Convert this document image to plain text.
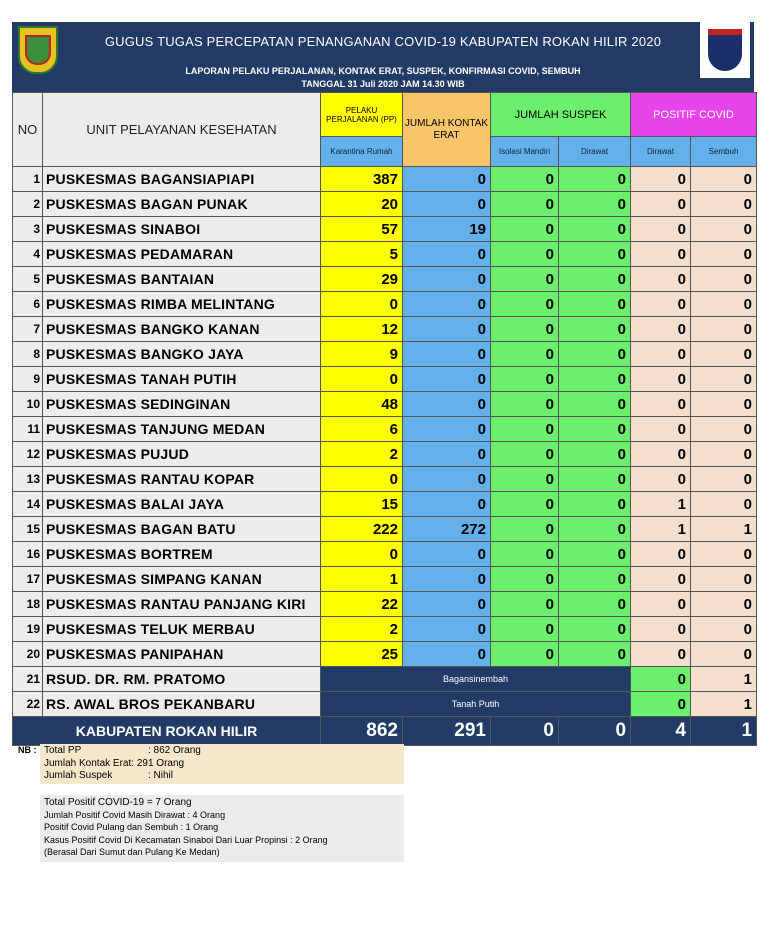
GUGUS TUGAS PERCEPATAN PENANGANAN COVID-19 KABUPATEN ROKAN HILIR 2020
LAPORAN PELAKU PERJALANAN, KONTAK ERAT, SUSPEK, KONFIRMASI COVID, SEMBUH
TANGGAL 31 Juli 2020 JAM 14.30 WIB
NO	UNIT PELAYANAN KESEHATAN	PELAKU PERJALANAN (PP)	JUMLAH KONTAK ERAT	JUMLAH SUSPEK		POSITIF COVID		
		Karantina Rumah		Isolasi Mandiri	Dirawat	Dirawat	Sembuh	
1	PUSKESMAS BAGANSIAPIAPI	387	0	0	0	0	0	
2	PUSKESMAS BAGAN PUNAK	20	0	0	0	0	0	
3	PUSKESMAS SINABOI	57	19	0	0	0	0	
4	PUSKESMAS PEDAMARAN	5	0	0	0	0	0	
5	PUSKESMAS BANTAIAN	29	0	0	0	0	0	
6	PUSKESMAS RIMBA MELINTANG	0	0	0	0	0	0	
7	PUSKESMAS BANGKO KANAN	12	0	0	0	0	0	
8	PUSKESMAS BANGKO JAYA	9	0	0	0	0	0	
9	PUSKESMAS TANAH PUTIH	0	0	0	0	0	0	
10	PUSKESMAS SEDINGINAN	48	0	0	0	0	0	
11	PUSKESMAS TANJUNG MEDAN	6	0	0	0	0	0	
12	PUSKESMAS PUJUD	2	0	0	0	0	0	
13	PUSKESMAS RANTAU KOPAR	0	0	0	0	0	0	
14	PUSKESMAS BALAI JAYA	15	0	0	0	1	0	
15	PUSKESMAS BAGAN BATU	222	272	0	0	1	1	
16	PUSKESMAS BORTREM	0	0	0	0	0	0	
17	PUSKESMAS SIMPANG KANAN	1	0	0	0	0	0	
18	PUSKESMAS RANTAU PANJANG KIRI	22	0	0	0	0	0	
19	PUSKESMAS TELUK MERBAU	2	0	0	0	0	0	
20	PUSKESMAS PANIPAHAN	25	0	0	0	0	0	
21	RSUD. DR. RM. PRATOMO	Bagansinembah				0	1	
22	RS. AWAL BROS PEKANBARU	Tanah Putih				0	1	
KABUPATEN ROKAN HILIR		862	291	0	0	4	1	
NB : Total PP	: 862 Orang
Jumlah Kontak Erat: 291 Orang
Jumlah Suspek	: Nihil
Total Positif COVID-19 = 7 Orang
Jumlah Positif Covid Masih Dirawat : 4 Orang
Positif Covid Pulang dan Sembuh : 1 Orang
Kasus Positif Covid Di Kecamatan Sinaboi Dari Luar Propinsi : 2 Orang
(Berasal Dari Sumut dan Pulang Ke Medan)
